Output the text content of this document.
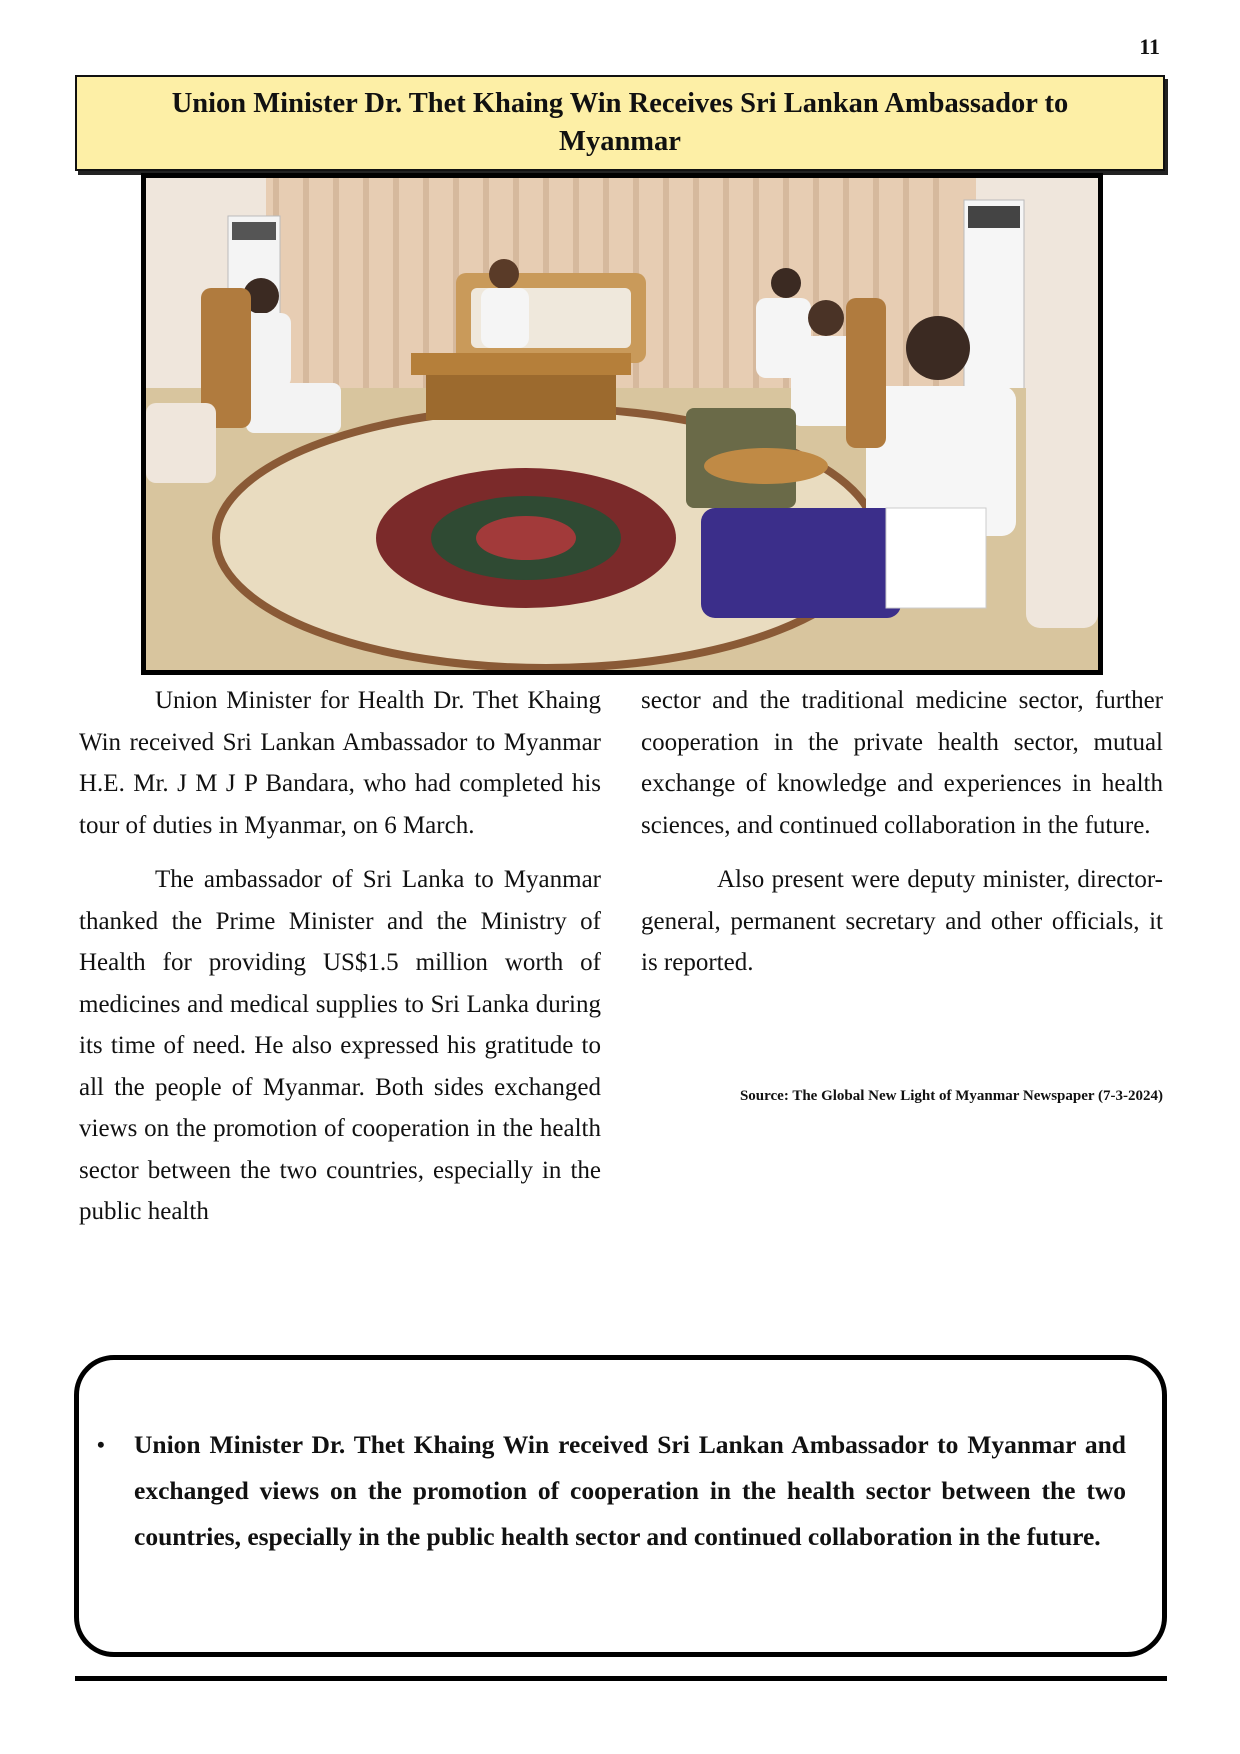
11
Union Minister Dr. Thet Khaing Win Receives Sri Lankan Ambassador to Myanmar

Union Minister for Health Dr. Thet Khaing Win received Sri Lankan Ambassador to Myanmar H.E. Mr. J M J P Bandara, who had completed his tour of duties in Myanmar, on 6 March.

The ambassador of Sri Lanka to Myanmar thanked the Prime Minister and the Ministry of Health for providing US$1.5 million worth of medicines and medical supplies to Sri Lanka during its time of need. He also expressed his gratitude to all the people of Myanmar. Both sides exchanged views on the promotion of cooperation in the health sector between the two countries, especially in the public health

sector and the traditional medicine sector, further cooperation in the private health sector, mutual exchange of knowledge and experiences in health sciences, and continued collaboration in the future.

Also present were deputy minister, director-general, permanent secretary and other officials, it is reported.

Source: The Global New Light of Myanmar Newspaper (7-3-2024)
• Union Minister Dr. Thet Khaing Win received Sri Lankan Ambassador to Myanmar and exchanged views on the promotion of cooperation in the health sector between the two countries, especially in the public health sector and continued collaboration in the future.
